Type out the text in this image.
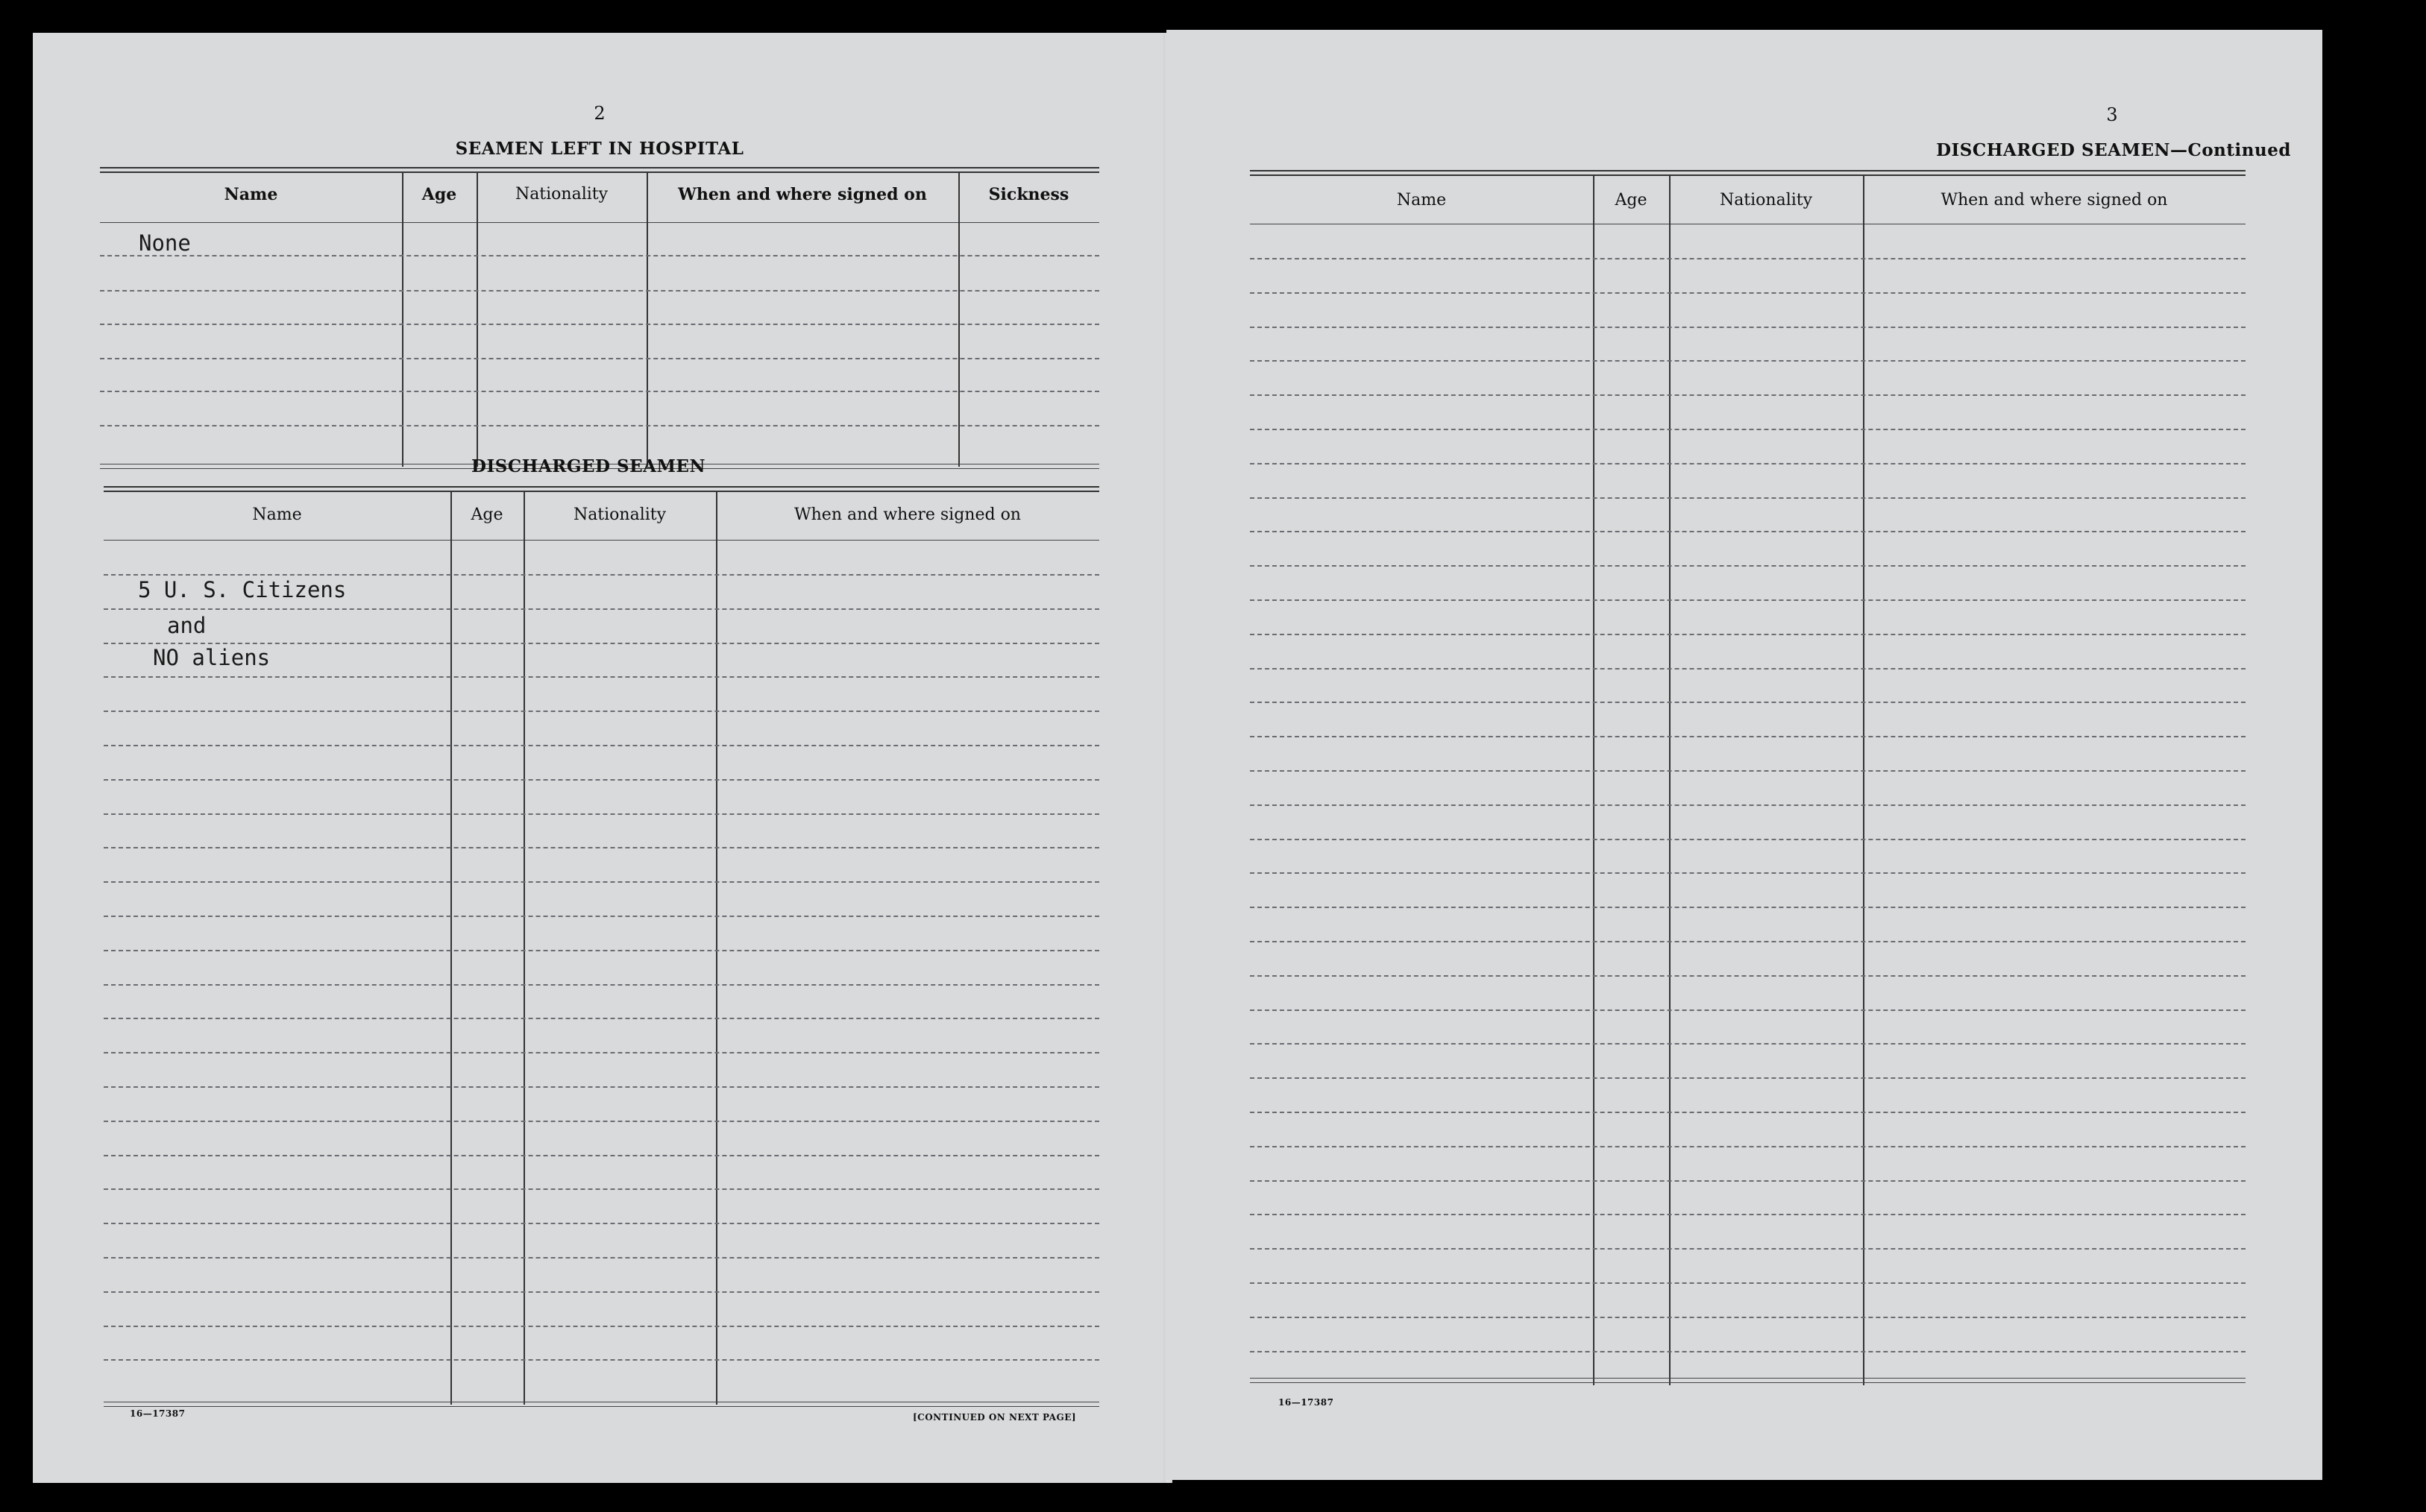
2
SEAMEN LEFT IN HOSPITAL
Name	Age	Nationality	When and where signed on	Sickness
None
DISCHARGED SEAMEN
Name	Age	Nationality	When and where signed on
5 U. S. Citizens
and
NO aliens
16—17387	[CONTINUED ON NEXT PAGE]
3
DISCHARGED SEAMEN—Continued
Name	Age	Nationality	When and where signed on
16—17387
